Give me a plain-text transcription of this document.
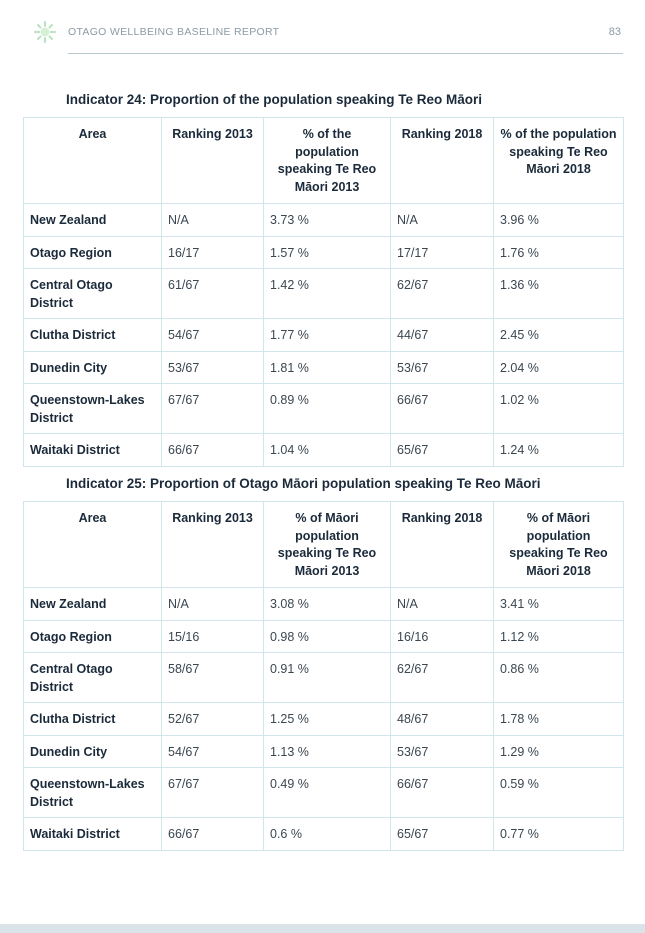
OTAGO WELLBEING BASELINE REPORT	83
Indicator 24: Proportion of the population speaking Te Reo Māori
Area	Ranking 2013	% of the population speaking Te Reo Māori 2013	Ranking 2018	% of the population speaking Te Reo Māori 2018
New Zealand	N/A	3.73 %	N/A	3.96 %
Otago Region	16/17	1.57 %	17/17	1.76 %
Central Otago District	61/67	1.42 %	62/67	1.36 %
Clutha District	54/67	1.77 %	44/67	2.45 %
Dunedin City	53/67	1.81 %	53/67	2.04 %
Queenstown-Lakes District	67/67	0.89 %	66/67	1.02 %
Waitaki District	66/67	1.04 %	65/67	1.24 %
Indicator 25: Proportion of Otago Māori population speaking Te Reo Māori
Area	Ranking 2013	% of Māori population speaking Te Reo Māori 2013	Ranking 2018	% of Māori population speaking Te Reo Māori 2018
New Zealand	N/A	3.08 %	N/A	3.41 %
Otago Region	15/16	0.98 %	16/16	1.12 %
Central Otago District	58/67	0.91 %	62/67	0.86 %
Clutha District	52/67	1.25 %	48/67	1.78 %
Dunedin City	54/67	1.13 %	53/67	1.29 %
Queenstown-Lakes District	67/67	0.49 %	66/67	0.59 %
Waitaki District	66/67	0.6 %	65/67	0.77 %
